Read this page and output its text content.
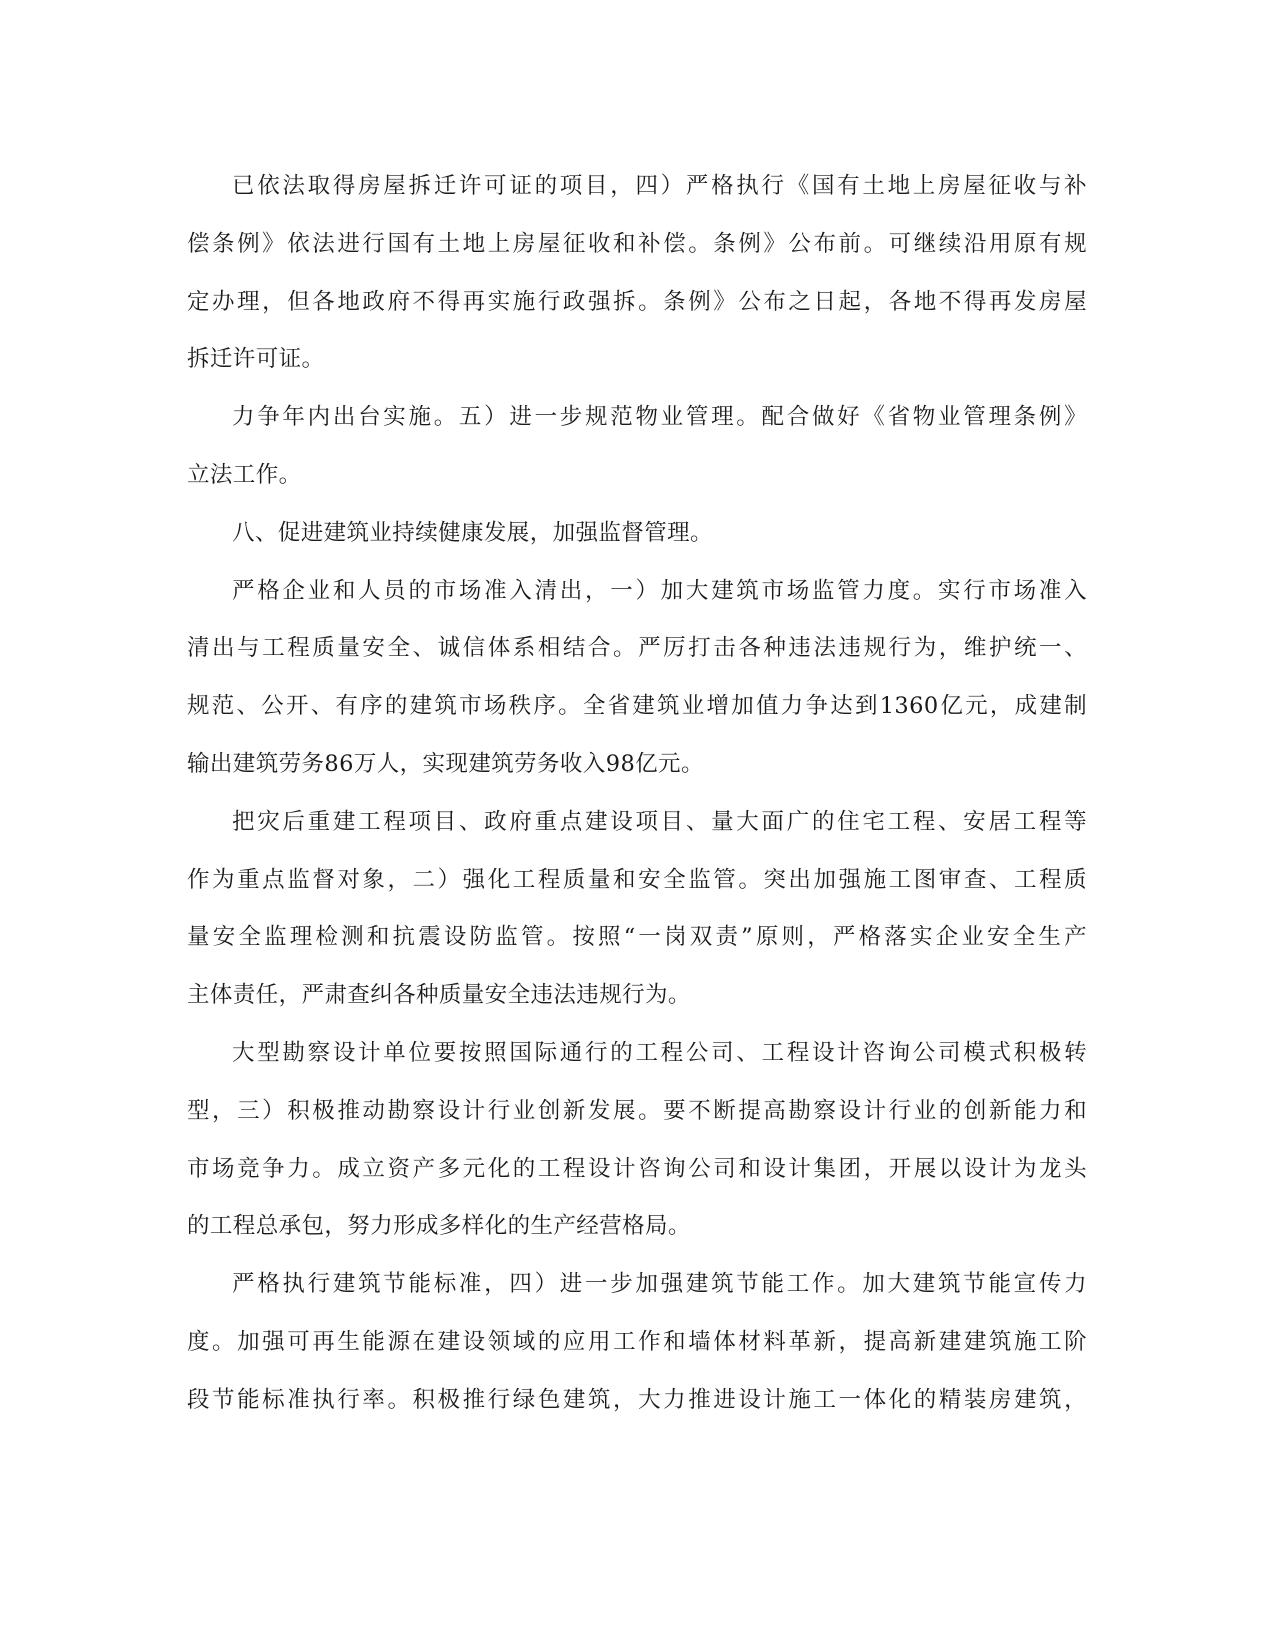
已依法取得房屋拆迁许可证的项目，四）严格执行《国有土地上房屋征收与补
偿条例》依法进行国有土地上房屋征收和补偿。条例》公布前。可继续沿用原有规
定办理，但各地政府不得再实施行政强拆。条例》公布之日起，各地不得再发房屋
拆迁许可证。
力争年内出台实施。五）进一步规范物业管理。配合做好《省物业管理条例》
立法工作。
八、促进建筑业持续健康发展，加强监督管理。
严格企业和人员的市场准入清出，一）加大建筑市场监管力度。实行市场准入
清出与工程质量安全、诚信体系相结合。严厉打击各种违法违规行为，维护统一、
规范、公开、有序的建筑市场秩序。全省建筑业增加值力争达到1360亿元，成建制
输出建筑劳务86万人，实现建筑劳务收入98亿元。
把灾后重建工程项目、政府重点建设项目、量大面广的住宅工程、安居工程等
作为重点监督对象，二）强化工程质量和安全监管。突出加强施工图审查、工程质
量安全监理检测和抗震设防监管。按照“一岗双责”原则，严格落实企业安全生产
主体责任，严肃查纠各种质量安全违法违规行为。
大型勘察设计单位要按照国际通行的工程公司、工程设计咨询公司模式积极转
型，三）积极推动勘察设计行业创新发展。要不断提高勘察设计行业的创新能力和
市场竞争力。成立资产多元化的工程设计咨询公司和设计集团，开展以设计为龙头
的工程总承包，努力形成多样化的生产经营格局。
严格执行建筑节能标准，四）进一步加强建筑节能工作。加大建筑节能宣传力
度。加强可再生能源在建设领域的应用工作和墙体材料革新，提高新建建筑施工阶
段节能标准执行率。积极推行绿色建筑，大力推进设计施工一体化的精装房建筑，
